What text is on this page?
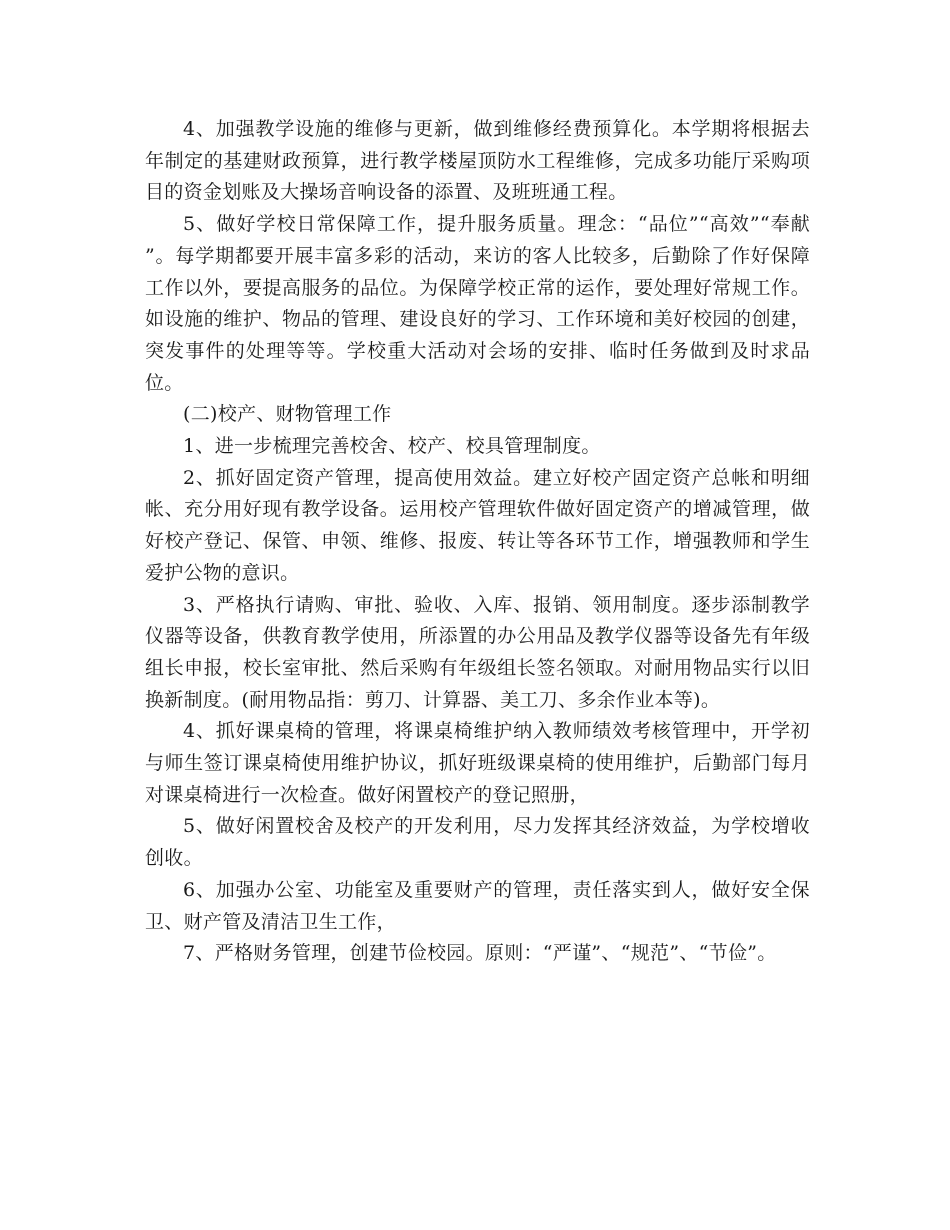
4、加强教学设施的维修与更新，做到维修经费预算化。本学期将根据去年制定的基建财政预算，进行教学楼屋顶防水工程维修，完成多功能厅采购项目的资金划账及大操场音响设备的添置、及班班通工程。

5、做好学校日常保障工作，提升服务质量。理念：“品位”“高效”“奉献 ”。每学期都要开展丰富多彩的活动，来访的客人比较多，后勤除了作好保障工作以外，要提高服务的品位。为保障学校正常的运作，要处理好常规工作。如设施的维护、物品的管理、建设良好的学习、工作环境和美好校园的创建，突发事件的处理等等。学校重大活动对会场的安排、临时任务做到及时求品位。

(二)校产、财物管理工作

1、进一步梳理完善校舍、校产、校具管理制度。

2、抓好固定资产管理，提高使用效益。建立好校产固定资产总帐和明细帐、充分用好现有教学设备。运用校产管理软件做好固定资产的增减管理，做好校产登记、保管、申领、维修、报废、转让等各环节工作，增强教师和学生爱护公物的意识。

3、严格执行请购、审批、验收、入库、报销、领用制度。逐步添制教学仪器等设备，供教育教学使用，所添置的办公用品及教学仪器等设备先有年级组长申报，校长室审批、然后采购有年级组长签名领取。对耐用物品实行以旧换新制度。(耐用物品指：剪刀、计算器、美工刀、多余作业本等)。

4、抓好课桌椅的管理，将课桌椅维护纳入教师绩效考核管理中，开学初与师生签订课桌椅使用维护协议，抓好班级课桌椅的使用维护，后勤部门每月对课桌椅进行一次检查。做好闲置校产的登记照册，

5、做好闲置校舍及校产的开发利用，尽力发挥其经济效益，为学校增收创收。

6、加强办公室、功能室及重要财产的管理，责任落实到人，做好安全保卫、财产管及清洁卫生工作，

7、严格财务管理，创建节俭校园。原则：“严谨”、“规范”、“节俭”。
